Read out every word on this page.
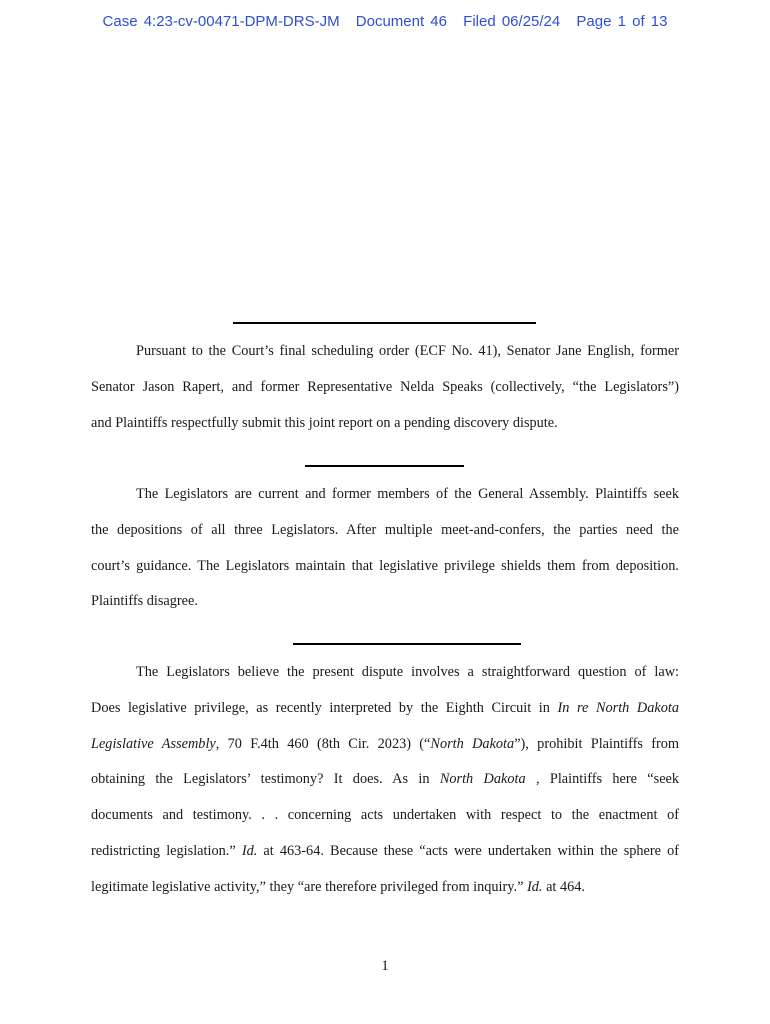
Case 4:23-cv-00471-DPM-DRS-JM Document 46 Filed 06/25/24 Page 1 of 13
Pursuant to the Court’s final scheduling order (ECF No. 41), Senator Jane English, former
Senator Jason Rapert, and former Representative Nelda Speaks (collectively, “the Legislators”)
and Plaintiffs respectfully submit this joint report on a pending discovery dispute.
The Legislators are current and former members of the General Assembly. Plaintiffs seek
the depositions of all three Legislators. After multiple meet-and-confers, the parties need the
court’s guidance. The Legislators maintain that legislative privilege shields them from deposition.
Plaintiffs disagree.
The Legislators believe the present dispute involves a straightforward question of law:
Does legislative privilege, as recently interpreted by the Eighth Circuit in In re North Dakota
Legislative Assembly, 70 F.4th 460 (8th Cir. 2023) (“North Dakota”), prohibit Plaintiffs from
obtaining the Legislators’ testimony? It does. As in North Dakota , Plaintiffs here “seek
documents and testimony. . . concerning acts undertaken with respect to the enactment of
redistricting legislation.” Id. at 463-64. Because these “acts were undertaken within the sphere of
legitimate legislative activity,” they “are therefore privileged from inquiry.” Id. at 464.
1
